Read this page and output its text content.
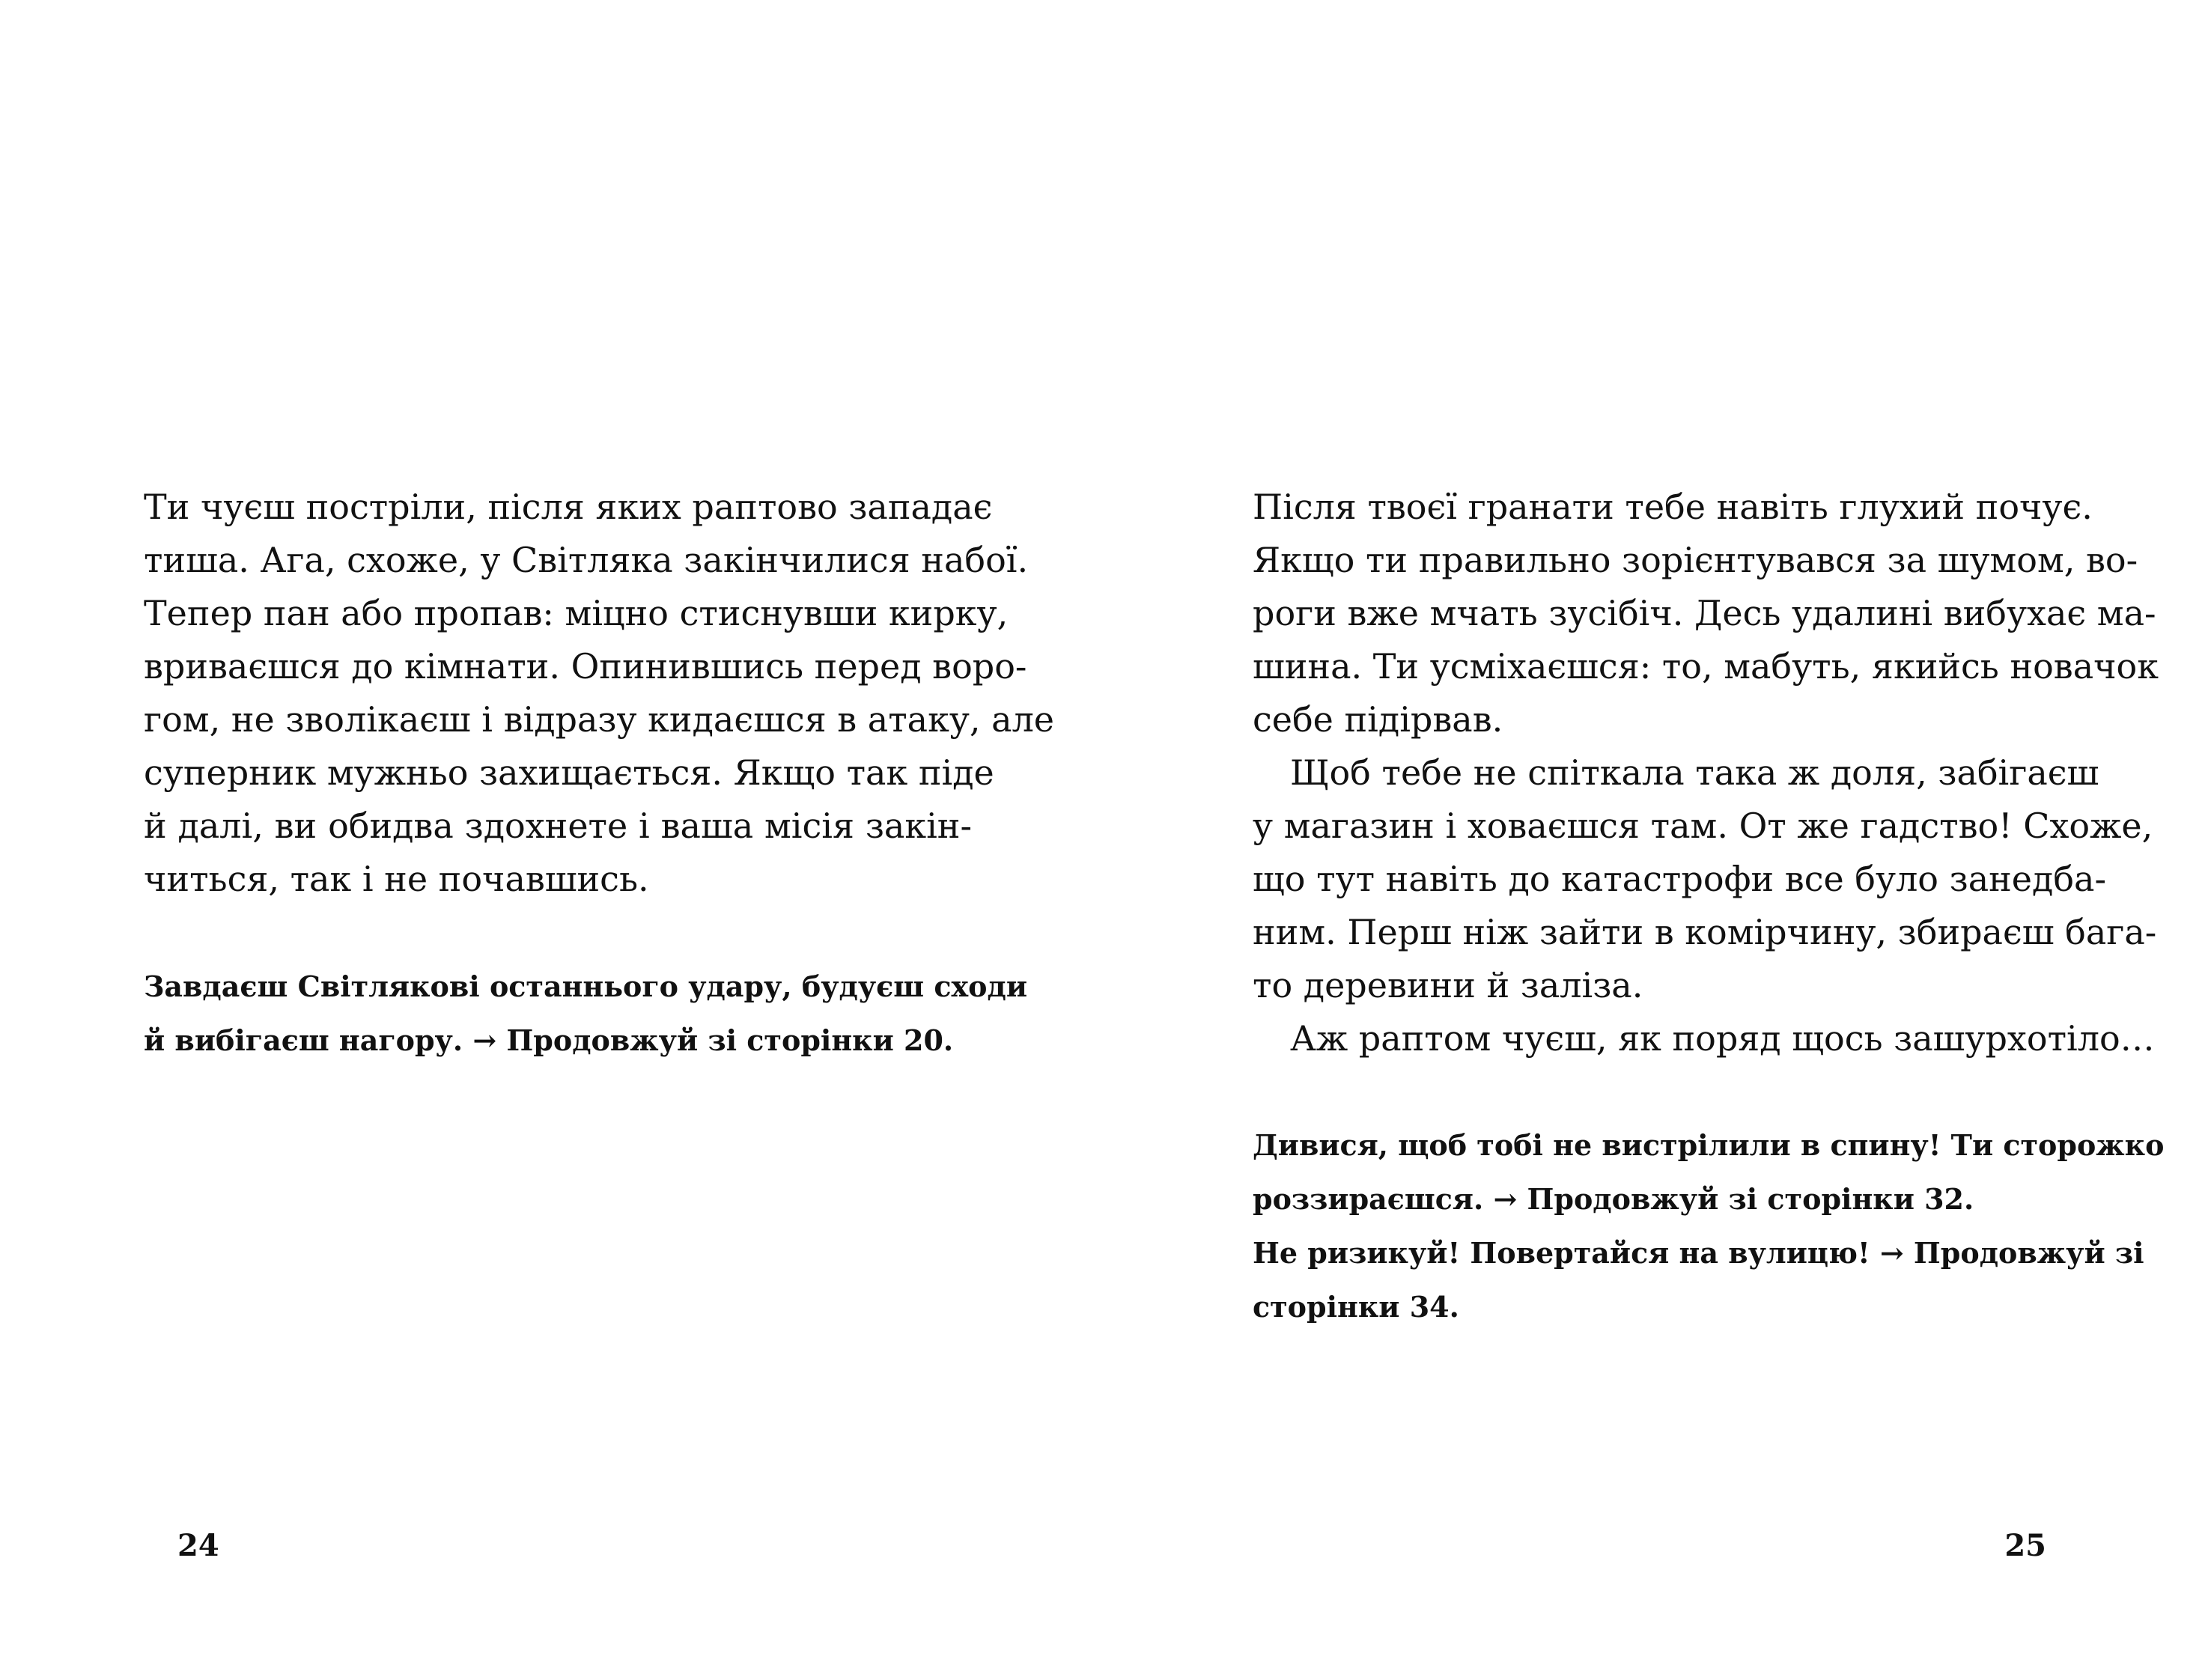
Ти чуєш постріли, після яких раптово западає
тиша. Ага, схоже, у Світляка закінчилися набої.
Тепер пан або пропав: міцно стиснувши кирку,
вриваєшся до кімнати. Опинившись перед воро-
гом, не зволікаєш і відразу кидаєшся в атаку, але
суперник мужньо захищається. Якщо так піде
й далі, ви обидва здохнете і ваша місія закін-
читься, так і не почавшись.
Завдаєш Світлякові останнього удару, будуєш сходи
й вибігаєш нагору. → Продовжуй зі сторінки 20.
24
Після твоєї гранати тебе навіть глухий почує.
Якщо ти правильно зорієнтувався за шумом, во-
роги вже мчать зусібіч. Десь удалині вибухає ма-
шина. Ти усміхаєшся: то, мабуть, якийсь новачок
себе підірвав.
Щоб тебе не спіткала така ж доля, забігаєш
у магазин і ховаєшся там. От же гадство! Схоже,
що тут навіть до катастрофи все було занедба-
ним. Перш ніж зайти в комірчину, збираєш бага-
то деревини й заліза.
Аж раптом чуєш, як поряд щось зашурхотіло…
Дивися, щоб тобі не вистрілили в спину! Ти сторожко
роззираєшся. → Продовжуй зі сторінки 32.
Не ризикуй! Повертайся на вулицю! → Продовжуй зі
сторінки 34.
25
